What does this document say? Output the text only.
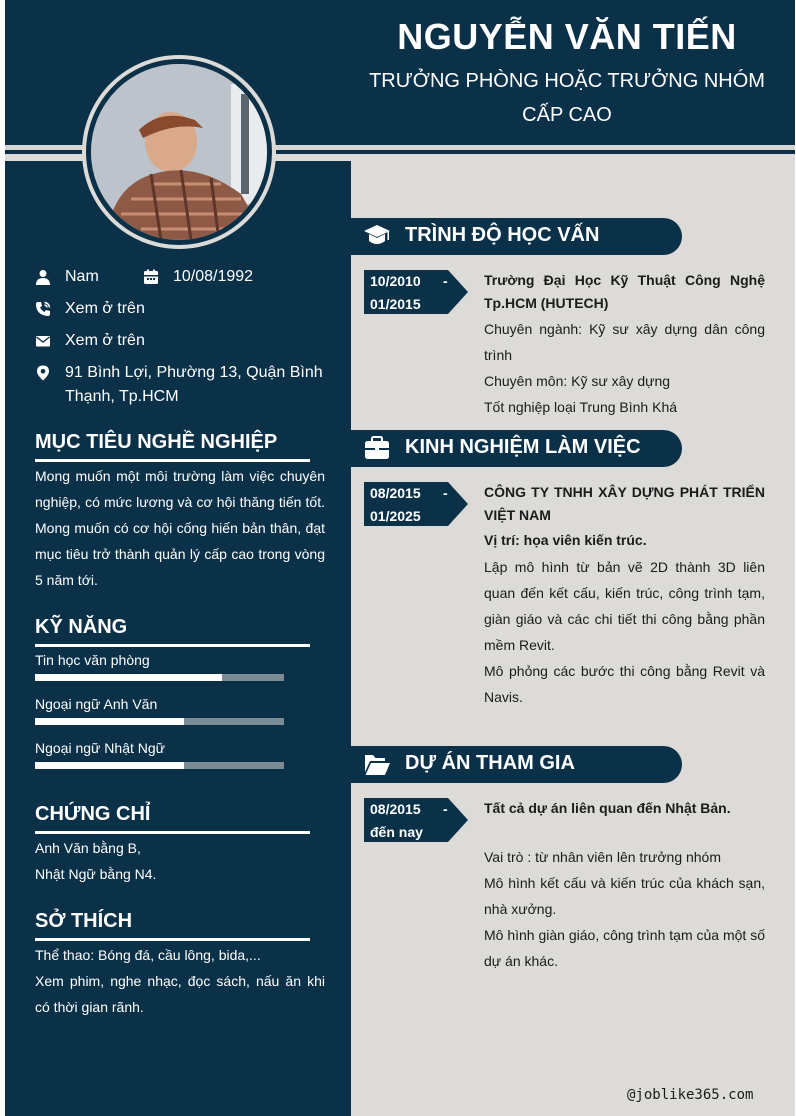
NGUYỄN VĂN TIẾN
TRƯỞNG PHÒNG HOẶC TRƯỞNG NHÓM CẤP CAO
Nam	10/08/1992
Xem ở trên
Xem ở trên
91 Bình Lợi, Phường 13, Quận Bình
Thạnh, Tp.HCM
MỤC TIÊU NGHỀ NGHIỆP
Mong muốn một môi trường làm việc chuyên nghiệp, có mức lương và cơ hội thăng tiến tốt. Mong muốn có cơ hội cống hiến bản thân, đạt mục tiêu trở thành quản lý cấp cao trong vòng 5 năm tới.
KỸ NĂNG
CHỨNG CHỈ
Anh Văn bằng B,
Nhật Ngữ bằng N4.
SỞ THÍCH
Thể thao: Bóng đá, cầu lông, bida,...
Xem phim, nghe nhạc, đọc sách, nấu ăn khi có thời gian rãnh.
TRÌNH ĐỘ HỌC VẤN
10/2010 -
01/2015
Trường Đại Học Kỹ Thuật Công Nghệ Tp.HCM (HUTECH)
Chuyên ngành: Kỹ sư xây dựng dân công trình
Chuyên môn: Kỹ sư xây dựng
Tốt nghiệp loại Trung Bình Khá
KINH NGHIỆM LÀM VIỆC
08/2015 -
01/2025
CÔNG TY TNHH XÂY DỰNG PHÁT TRIỂN VIỆT NAM
Vị trí: họa viên kiến trúc.
Lập mô hình từ bản vẽ 2D thành 3D liên quan đến kết cấu, kiến trúc, công trình tạm, giàn giáo và các chi tiết thi công bằng phần mềm Revit.
Mô phỏng các bước thi công bằng Revit và Navis.
DỰ ÁN THAM GIA
08/2015 -
đến nay
Tất cả dự án liên quan đến Nhật Bản.
Vai trò : từ nhân viên lên trưởng nhóm
Mô hình kết cấu và kiến trúc của khách sạn, nhà xưởng.
Mô hình giàn giáo, công trình tạm của một số dự án khác.
@joblike365.com
Tin học văn phòng
Ngoại ngữ Anh Văn
Ngoại ngữ Nhật Ngữ
